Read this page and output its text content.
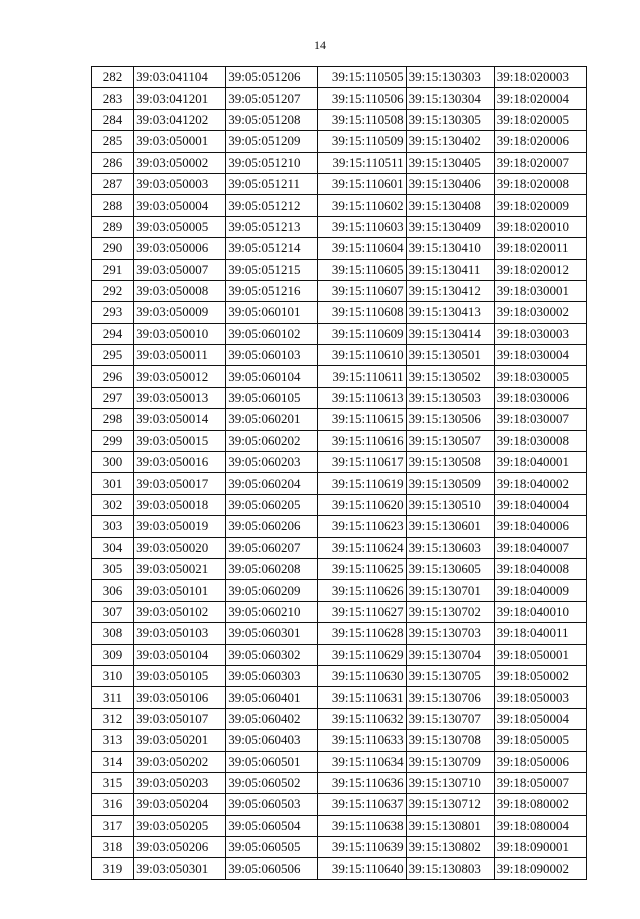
14
282	39:03:041104	39:05:051206	39:15:110505	39:15:130303	39:18:020003
283	39:03:041201	39:05:051207	39:15:110506	39:15:130304	39:18:020004
284	39:03:041202	39:05:051208	39:15:110508	39:15:130305	39:18:020005
285	39:03:050001	39:05:051209	39:15:110509	39:15:130402	39:18:020006
286	39:03:050002	39:05:051210	39:15:110511	39:15:130405	39:18:020007
287	39:03:050003	39:05:051211	39:15:110601	39:15:130406	39:18:020008
288	39:03:050004	39:05:051212	39:15:110602	39:15:130408	39:18:020009
289	39:03:050005	39:05:051213	39:15:110603	39:15:130409	39:18:020010
290	39:03:050006	39:05:051214	39:15:110604	39:15:130410	39:18:020011
291	39:03:050007	39:05:051215	39:15:110605	39:15:130411	39:18:020012
292	39:03:050008	39:05:051216	39:15:110607	39:15:130412	39:18:030001
293	39:03:050009	39:05:060101	39:15:110608	39:15:130413	39:18:030002
294	39:03:050010	39:05:060102	39:15:110609	39:15:130414	39:18:030003
295	39:03:050011	39:05:060103	39:15:110610	39:15:130501	39:18:030004
296	39:03:050012	39:05:060104	39:15:110611	39:15:130502	39:18:030005
297	39:03:050013	39:05:060105	39:15:110613	39:15:130503	39:18:030006
298	39:03:050014	39:05:060201	39:15:110615	39:15:130506	39:18:030007
299	39:03:050015	39:05:060202	39:15:110616	39:15:130507	39:18:030008
300	39:03:050016	39:05:060203	39:15:110617	39:15:130508	39:18:040001
301	39:03:050017	39:05:060204	39:15:110619	39:15:130509	39:18:040002
302	39:03:050018	39:05:060205	39:15:110620	39:15:130510	39:18:040004
303	39:03:050019	39:05:060206	39:15:110623	39:15:130601	39:18:040006
304	39:03:050020	39:05:060207	39:15:110624	39:15:130603	39:18:040007
305	39:03:050021	39:05:060208	39:15:110625	39:15:130605	39:18:040008
306	39:03:050101	39:05:060209	39:15:110626	39:15:130701	39:18:040009
307	39:03:050102	39:05:060210	39:15:110627	39:15:130702	39:18:040010
308	39:03:050103	39:05:060301	39:15:110628	39:15:130703	39:18:040011
309	39:03:050104	39:05:060302	39:15:110629	39:15:130704	39:18:050001
310	39:03:050105	39:05:060303	39:15:110630	39:15:130705	39:18:050002
311	39:03:050106	39:05:060401	39:15:110631	39:15:130706	39:18:050003
312	39:03:050107	39:05:060402	39:15:110632	39:15:130707	39:18:050004
313	39:03:050201	39:05:060403	39:15:110633	39:15:130708	39:18:050005
314	39:03:050202	39:05:060501	39:15:110634	39:15:130709	39:18:050006
315	39:03:050203	39:05:060502	39:15:110636	39:15:130710	39:18:050007
316	39:03:050204	39:05:060503	39:15:110637	39:15:130712	39:18:080002
317	39:03:050205	39:05:060504	39:15:110638	39:15:130801	39:18:080004
318	39:03:050206	39:05:060505	39:15:110639	39:15:130802	39:18:090001
319	39:03:050301	39:05:060506	39:15:110640	39:15:130803	39:18:090002
